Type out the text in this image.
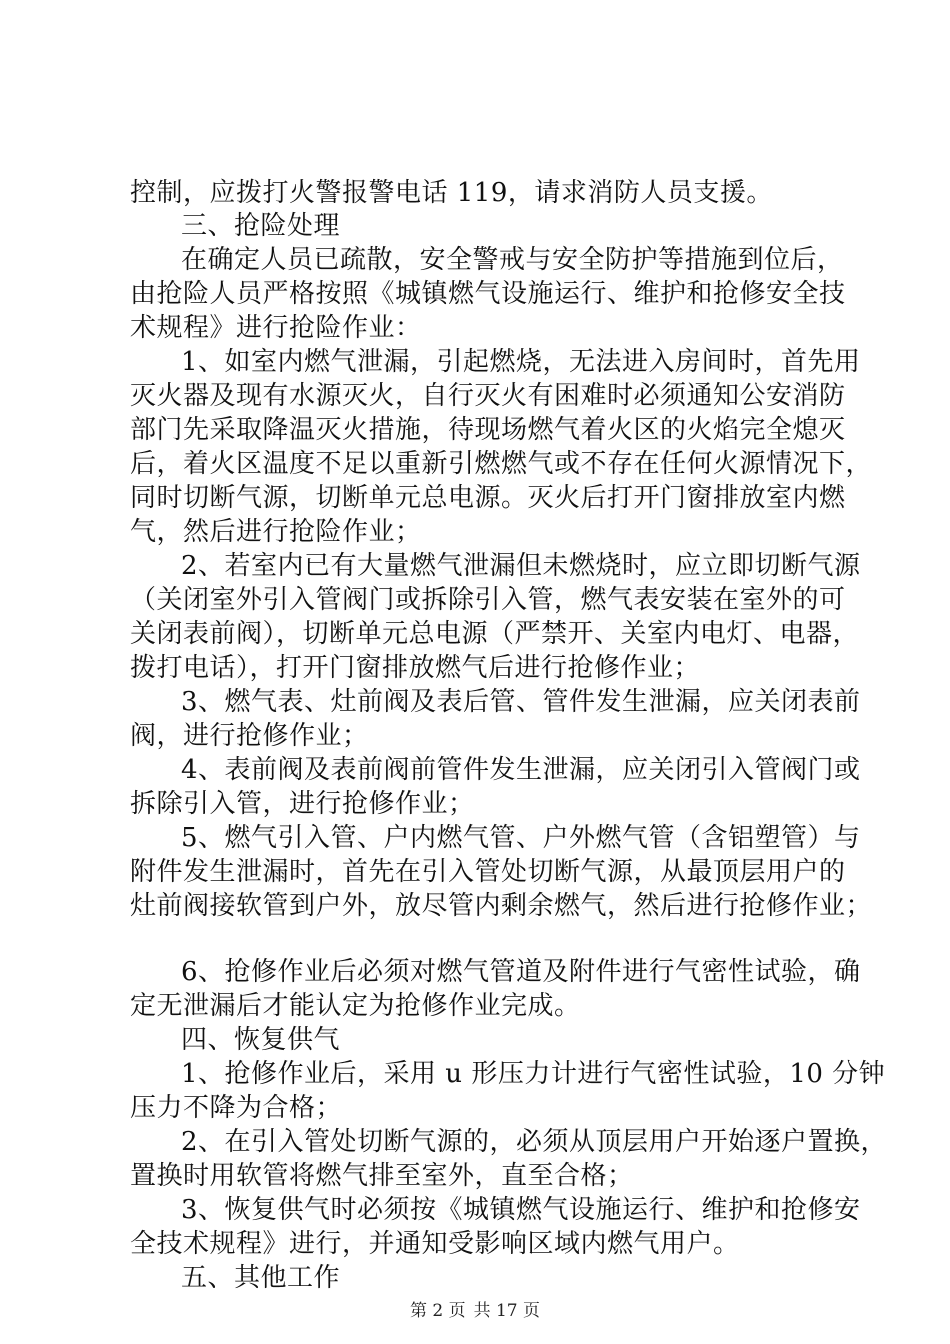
控制，应拨打火警报警电话 119，请求消防人员支援。
三、抢险处理
在确定人员已疏散，安全警戒与安全防护等措施到位后，
由抢险人员严格按照《城镇燃气设施运行、维护和抢修安全技
术规程》进行抢险作业：
1、如室内燃气泄漏，引起燃烧，无法进入房间时，首先用
灭火器及现有水源灭火，自行灭火有困难时必须通知公安消防
部门先采取降温灭火措施，待现场燃气着火区的火焰完全熄灭
后，着火区温度不足以重新引燃燃气或不存在任何火源情况下，
同时切断气源，切断单元总电源。灭火后打开门窗排放室内燃
气，然后进行抢险作业；
2、若室内已有大量燃气泄漏但未燃烧时，应立即切断气源
（关闭室外引入管阀门或拆除引入管，燃气表安装在室外的可
关闭表前阀），切断单元总电源（严禁开、关室内电灯、电器，
拨打电话），打开门窗排放燃气后进行抢修作业；
3、燃气表、灶前阀及表后管、管件发生泄漏，应关闭表前
阀，进行抢修作业；
4、表前阀及表前阀前管件发生泄漏，应关闭引入管阀门或
拆除引入管，进行抢修作业；
5、燃气引入管、户内燃气管、户外燃气管（含铝塑管）与
附件发生泄漏时，首先在引入管处切断气源，从最顶层用户的
灶前阀接软管到户外，放尽管内剩余燃气，然后进行抢修作业；
6、抢修作业后必须对燃气管道及附件进行气密性试验，确
定无泄漏后才能认定为抢修作业完成。
四、恢复供气
1、抢修作业后，采用 u 形压力计进行气密性试验，10 分钟
压力不降为合格；
2、在引入管处切断气源的，必须从顶层用户开始逐户置换，
置换时用软管将燃气排至室外，直至合格；
3、恢复供气时必须按《城镇燃气设施运行、维护和抢修安
全技术规程》进行，并通知受影响区域内燃气用户。
五、其他工作
第 2 页 共 17 页
